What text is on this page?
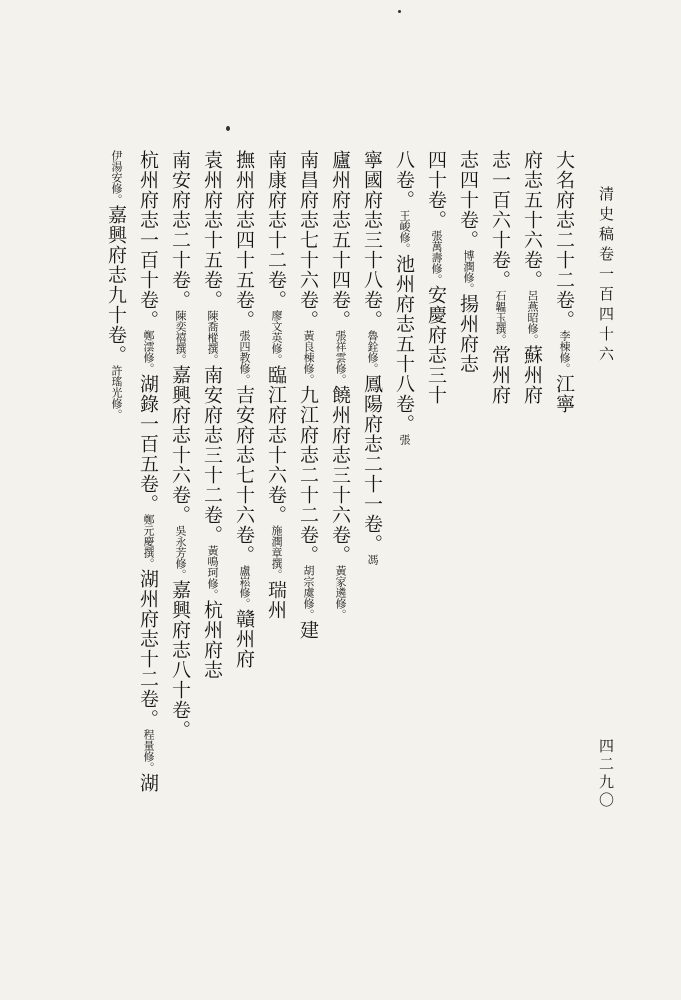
清史稿卷一百四十六
四二九〇
大名府志二十二卷。李棟修。江寧
府志五十六卷。呂燕昭修。蘇州府
志一百六十卷。石韞玉撰。常州府
志四十卷。博潤修。揚州府志
四十卷。張萬壽修。安慶府志三十
八卷。王峻修。池州府志五十八卷。張
寧國府志三十八卷。魯銓修。鳳陽府志二十一卷。馮
廬州府志五十四卷。張祥雲修。饒州府志三十六卷。黃家遴修。
南昌府志七十六卷。黃良棟修。九江府志二十二卷。胡宗虞修。建
南康府志十二卷。廖文英修。臨江府志十六卷。施潤章撰。瑞州
撫州府志四十五卷。張四教修。吉安府志七十六卷。盧崧修。贛州府
袁州府志十五卷。陳喬樅撰。南安府志三十二卷。黃鳴珂修。杭州府志
南安府志二十卷。陳奕禧撰。嘉興府志十六卷。吳永芳修。嘉興府志八十卷。
杭州府志一百十卷。鄭澐修。湖錄一百五卷。鄭元慶撰。湖州府志十二卷。程量修。湖
伊湯安修。嘉興府志九十卷。許瑤光修。
